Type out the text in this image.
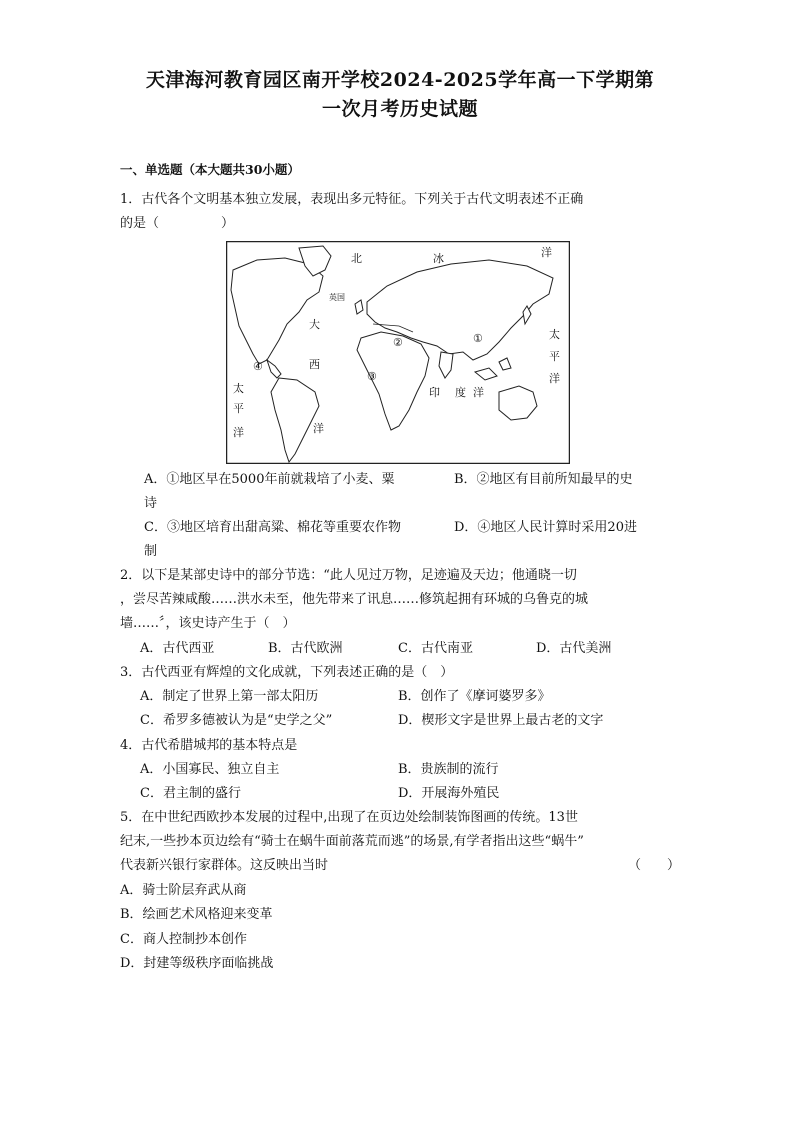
天津海河教育园区南开学校2024-2025学年高一下学期第
一次月考历史试题
一、单选题（本大题共30小题）
1．古代各个文明基本独立发展，表现出多元特征。下列关于古代文明表述不正确
的是（	）
北	冰	洋
英国
大
西
洋
太
平
洋
太
平
洋
印 度 洋
①
②
③
④
A．①地区早在5000年前就栽培了小麦、粟	B．②地区有目前所知最早的史
诗
C．③地区培育出甜高粱、棉花等重要农作物	D．④地区人民计算时采用20进
制
2．以下是某部史诗中的部分节选：“此人见过万物，足迹遍及天边；他通晓一切
，尝尽苦辣咸酸……洪水未至，他先带来了讯息……修筑起拥有环城的乌鲁克的城
墙……〞，该史诗产生于（　）
A．古代西亚	B．古代欧洲	C．古代南亚	D．古代美洲
3．古代西亚有辉煌的文化成就，下列表述正确的是（　）
A．制定了世界上第一部太阳历	B．创作了《摩诃婆罗多》
C．希罗多德被认为是“史学之父”	D．楔形文字是世界上最古老的文字
4．古代希腊城邦的基本特点是
A．小国寡民、独立自主	B．贵族制的流行
C．君主制的盛行	D．开展海外殖民
5．在中世纪西欧抄本发展的过程中,出现了在页边处绘制装饰图画的传统。13世
纪末,一些抄本页边绘有“骑士在蜗牛面前落荒而逃”的场景,有学者指出这些“蜗牛”
代表新兴银行家群体。这反映出当时	（　　）
A．骑士阶层弃武从商
B．绘画艺术风格迎来变革
C．商人控制抄本创作
D．封建等级秩序面临挑战
